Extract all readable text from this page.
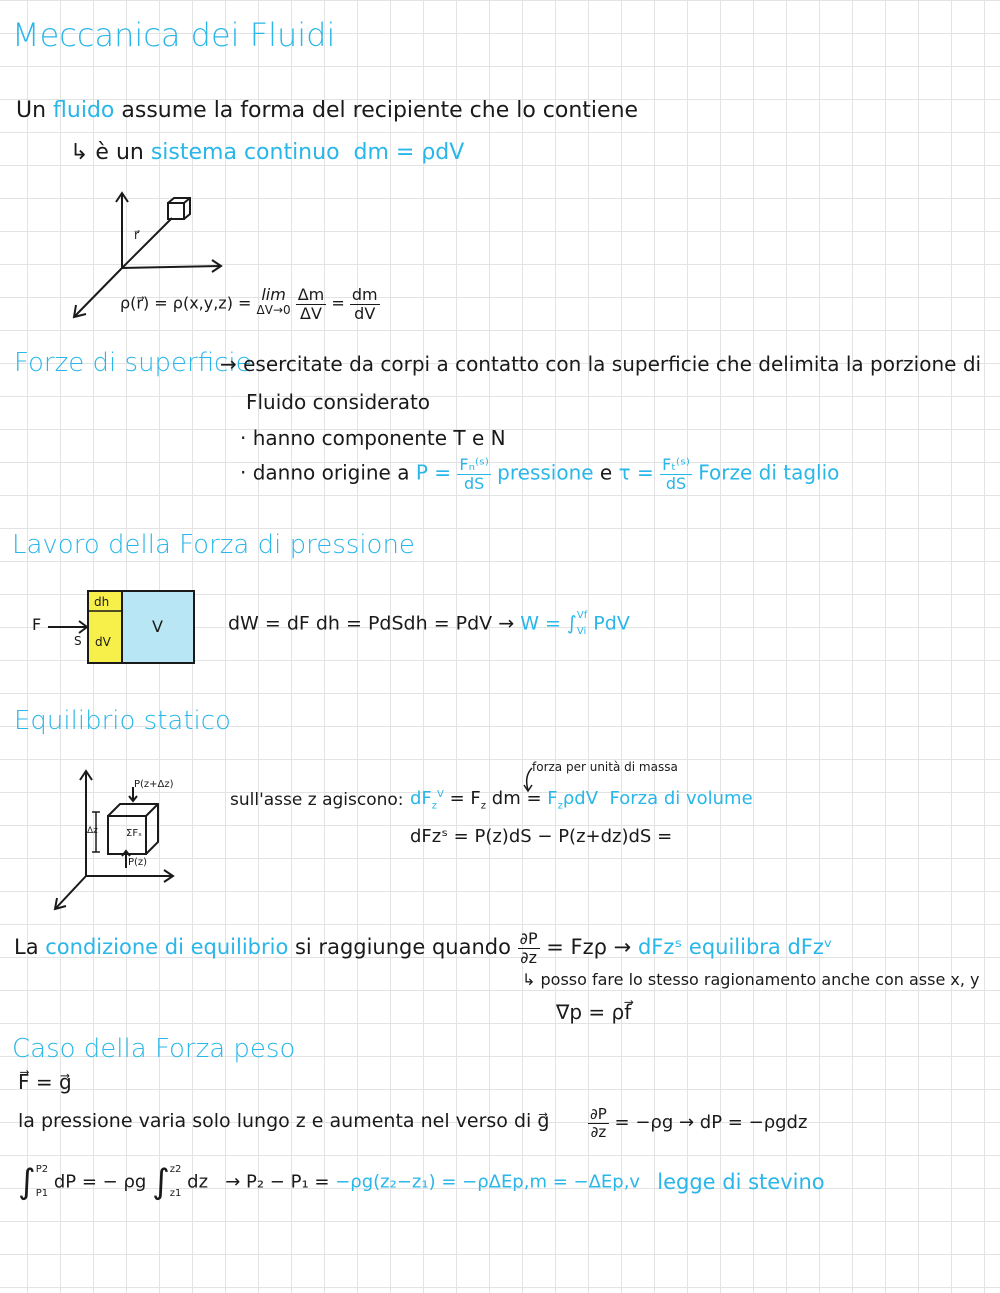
Meccanica dei Fluidi
Un fluido assume la forma del recipiente che lo contiene
↳ è un sistema continuo dm = ρdV
r⃗
ρ(r⃗) = ρ(x,y,z) = lim
ΔV→0
$\frac{\Delta m}{\Delta V} = \frac{dm}{dV}$
Forze di superficie
→ esercitate da corpi a contatto con la superficie che delimita la porzione di
Fluido considerato
· hanno componente T e N
· danno origine a $P = \frac{\text{Fₙ⁽ˢ⁾}}{dS}$ pressione e $\tau = \frac{\text{Fₜ⁽ˢ⁾}}{dS}$ Forze di taglio
Lavoro della Forza di pressione
F
S
dh
dV
V	dW = dF dh = PdSdh = PdV → W = ∫ Vf
Vi PdV
Equilibrio statico
P(z+Δz)
P(z)
Δz	ΣFₛ
forza per unità di massa
sull'asse z agiscono: $dF_z^V = F_z$ dm = $F_z\rho dV$ Forza di volume
dFzˢ = P(z)dS − P(z+dz)dS =
La condizione di equilibrio si raggiunge quando $\frac{\partial P}{\partial z} = Fz\rho$ → dFzˢ equilibra dFzᵛ
↳ posso fare lo stesso ragionamento anche con asse x, y
∇p = ρf⃗
Caso della Forza peso
F⃗ = g⃗
la pressione varia solo lungo z e aumenta nel verso di g⃗	$\frac{\partial P}{\partial z} = -\rho g$ → dP = −ρgdz
∫ P2
P1
dP = − ρg ∫ z2
z1
dz → P₂ − P₁ = −ρg(z₂−z₁) = −ρΔEp,m = −ΔEp,v legge di stevino
